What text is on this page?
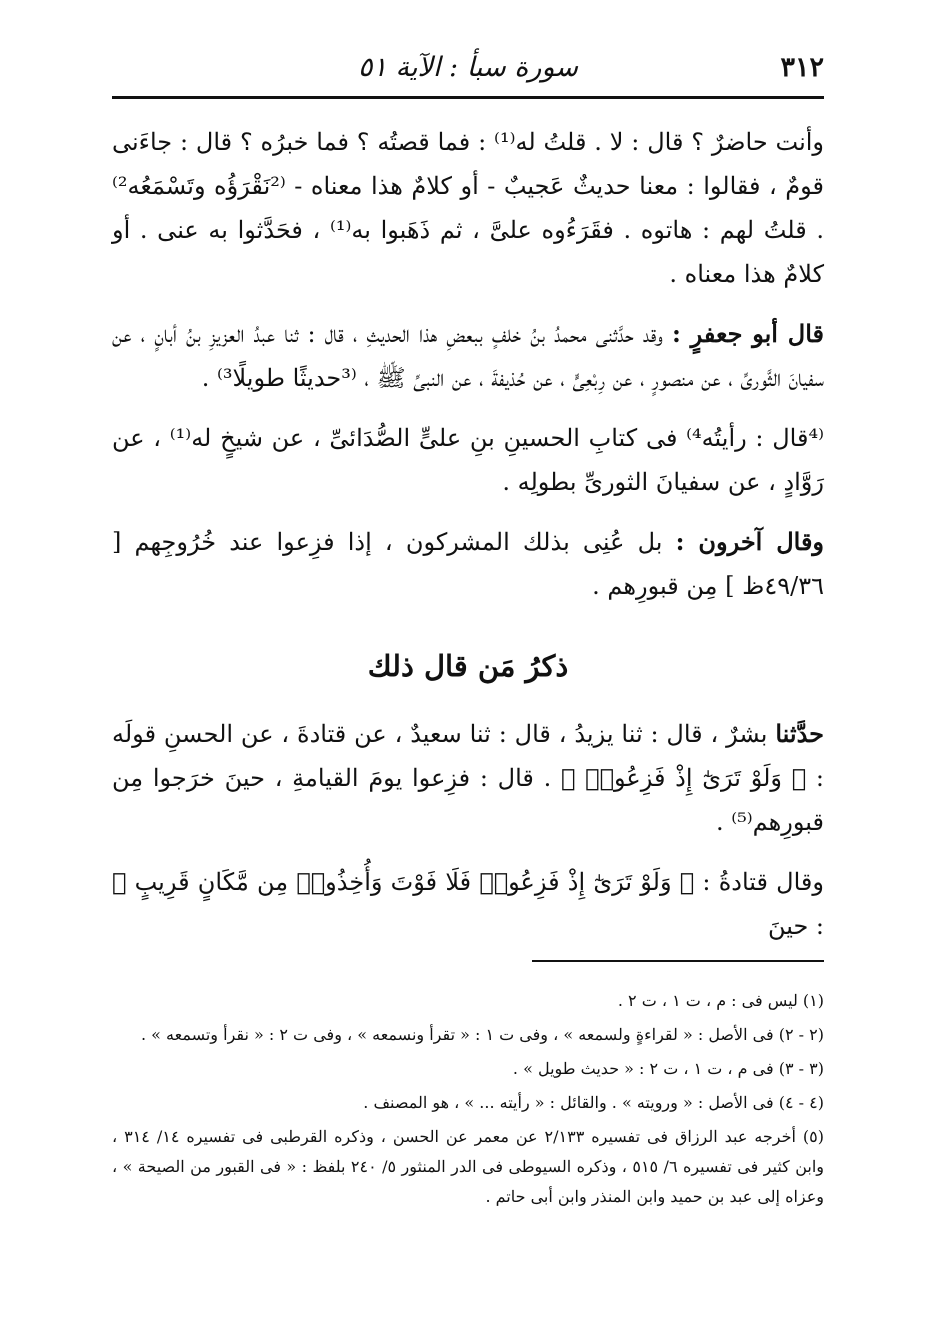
٣١٢
سورة سبأ : الآية ٥١

وأنت حاضرٌ ؟ قال : لا . قلتُ له⁽¹⁾ : فما قصتُه ؟ فما خبرُه ؟ قال : جاءَنى قومٌ ، فقالوا : معنا حديثٌ عَجيبٌ - أو كلامٌ هذا معناه - ⁽²نَقْرَؤُه وتَسْمَعُه²⁾ . قلتُ لهم : هاتوه . فقَرَءُوه علىَّ ، ثم ذَهَبوا به⁽¹⁾ ، فحَدَّثوا به عنى . أو كلامٌ هذا معناه .

قال أبو جعفرٍ : وقد حدَّثنى محمدُ بنُ خلفٍ ببعضِ هذا الحديثِ ، قال : ثنا عبدُ العزيزِ بنُ أبانٍ ، عن سفيانَ الثَّورىِّ ، عن منصورٍ ، عن رِبْعِىٍّ ، عن حُذيفةَ ، عن النبىِّ ﷺ ، ⁽³حديثًا طويلًا³⁾ .

⁽⁴قال : رأيتُه⁴⁾ فى كتابِ الحسينِ بنِ علىٍّ الصُّدَائىِّ ، عن شيخٍ له⁽¹⁾ ، عن رَوَّادٍ ، عن سفيانَ الثورىِّ بطولِه .

وقال آخرون : بل عُنِى بذلك المشركون ، إذا فزِعوا عند خُرُوجِهم [ ٤٩/٣٦ظ ] مِن قبورِهم .

ذكرُ مَن قال ذلك

حدَّثنا بشرٌ ، قال : ثنا يزيدُ ، قال : ثنا سعيدٌ ، عن قتادةَ ، عن الحسنِ قولَه : ﴿ وَلَوْ تَرَىٰٓ إِذْ فَزِعُوا۟ ﴾ . قال : فزِعوا يومَ القيامةِ ، حينَ خرَجوا مِن قبورِهم⁽⁵⁾ .

وقال قتادةُ : ﴿ وَلَوْ تَرَىٰٓ إِذْ فَزِعُوا۟ فَلَا فَوْتَ وَأُخِذُوا۟ مِن مَّكَانٍ قَرِيبٍ ﴾ : حينَ

(١) ليس فى : م ، ت ١ ، ت ٢ .

(٢ - ٢) فى الأصل : « لقراءةٍ ولسمعه » ، وفى ت ١ : « تقرأ ونسمعه » ، وفى ت ٢ : « نقرأ وتسمعه » .

(٣ - ٣) فى م ، ت ١ ، ت ٢ : « حديث طويل » .

(٤ - ٤) فى الأصل : « ورويته » . والقائل : « رأيته ... » ، هو المصنف .

(٥) أخرجه عبد الرزاق فى تفسيره ٢/١٣٣ عن معمر عن الحسن ، وذكره القرطبى فى تفسيره ١٤/ ٣١٤ ، وابن كثير فى تفسيره ٦/ ٥١٥ ، وذكره السيوطى فى الدر المنثور ٥/ ٢٤٠ بلفظ : « فى القبور من الصيحة » ، وعزاه إلى عبد بن حميد وابن المنذر وابن أبى حاتم .
